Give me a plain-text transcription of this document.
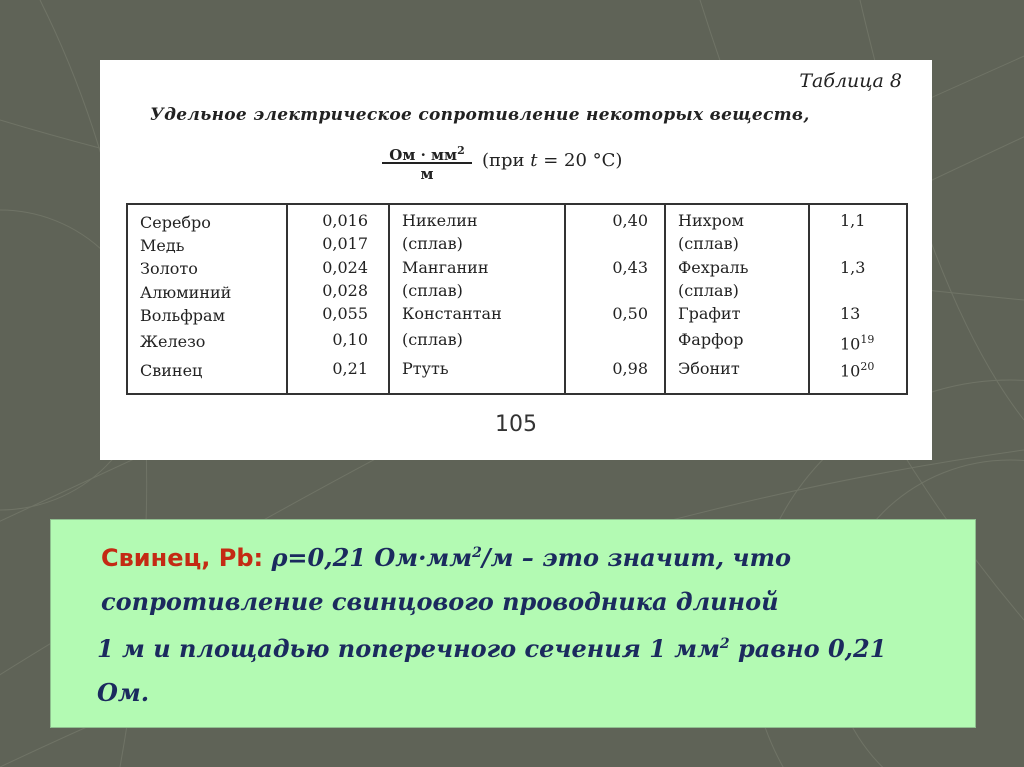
Таблица 8

Удельное электрическое сопротивление некоторых веществ,

Ом · $мм^2$
м
(при t = 20 °С)
Серебро
Медь
Золото
Алюминий
Вольфрам
Железо
Свинец
0,016
0,017
0,024
0,028
0,055
0,10
0,21
Никелин
(сплав)
Манганин
(сплав)
Константан
(сплав)
Ртуть
0,40
0,43
0,50
0,98
Нихром
(сплав)
Фехраль
(сплав)
Графит
Фарфор
Эбонит
1,1
1,3
13
$10^{19}$
$10^{20}$

105

Свинец, Pb: ρ=0,21 $Ом\cdot мм^2/м$ – это значит, что сопротивление свинцового проводника длиной

1 м и площадью поперечного сечения 1 $мм^2$ равно 0,21 Ом.
